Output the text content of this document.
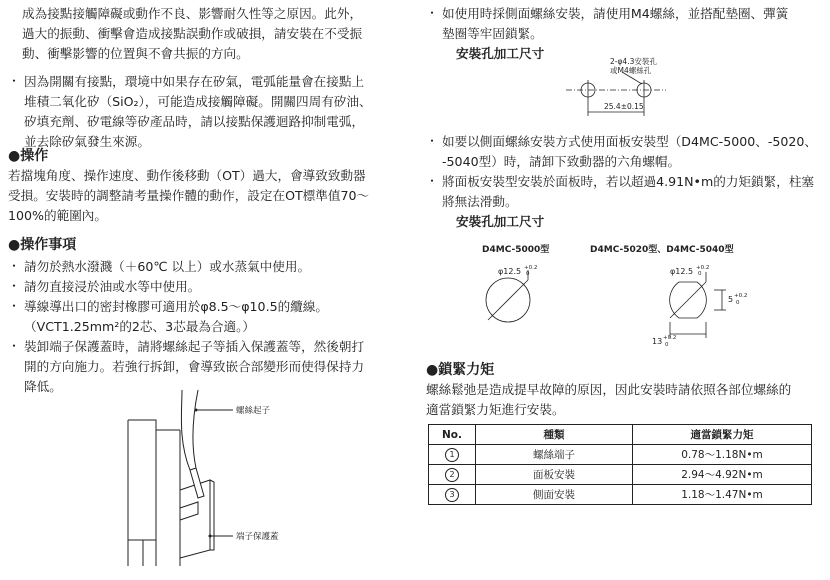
成為接點接觸障礙或動作不良、影響耐久性等之原因。此外，

過大的振動、衝擊會造成接點誤動作或破損，請安裝在不受振

動、衝擊影響的位置與不會共振的方向。

・ 因為開關有接點，環境中如果存在矽氣，電弧能量會在接點上

堆積二氧化矽（SiO₂），可能造成接觸障礙。開關四周有矽油、

矽填充劑、矽電線等矽產品時，請以接點保護迴路抑制電弧，

並去除矽氣發生來源。

●操作

若擋塊角度、操作速度、動作後移動（OT）過大，會導致致動器

受損。安裝時的調整請考量操作體的動作，設定在OT標準值70～

100%的範圍內。

●操作事項

・ 請勿於熱水潑濺（＋60℃ 以上）或水蒸氣中使用。

・ 請勿直接浸於油或水等中使用。

・ 導線導出口的密封橡膠可適用於φ8.5～φ10.5的纜線。

（VCT1.25mm²的2芯、3芯最為合適。）

・ 裝卸端子保護蓋時，請將螺絲起子等插入保護蓋等，然後朝打

開的方向施力。若強行拆卸，會導致嵌合部變形而使得保持力

降低。

螺絲起子
端子保護蓋

・ 如使用時採側面螺絲安裝，請使用M4螺絲，並搭配墊圈、彈簧

墊圈等牢固鎖緊。

安裝孔加工尺寸

2-φ4.3安裝孔
或M4螺絲孔
25.4±0.15

・ 如要以側面螺絲安裝方式使用面板安裝型（D4MC-5000、-5020、

-5040型）時，請卸下致動器的六角螺帽。

・ 將面板安裝型安裝於面板時，若以超過4.91N•m的力矩鎖緊，柱塞

將無法滑動。

安裝孔加工尺寸

D4MC-5000型	D4MC-5020型、D4MC-5040型
φ12.5 +0.2
0	φ12.5 +0.2
0
5 +0.2
0
13 +0.2
0
●鎖緊力矩

螺絲鬆弛是造成提早故障的原因，因此安裝時請依照各部位螺絲的

適當鎖緊力矩進行安裝。

No.	種類	適當鎖緊力矩
1	螺絲端子	0.78～1.18N•m
2	面板安裝	2.94～4.92N•m
3	側面安裝	1.18～1.47N•m
